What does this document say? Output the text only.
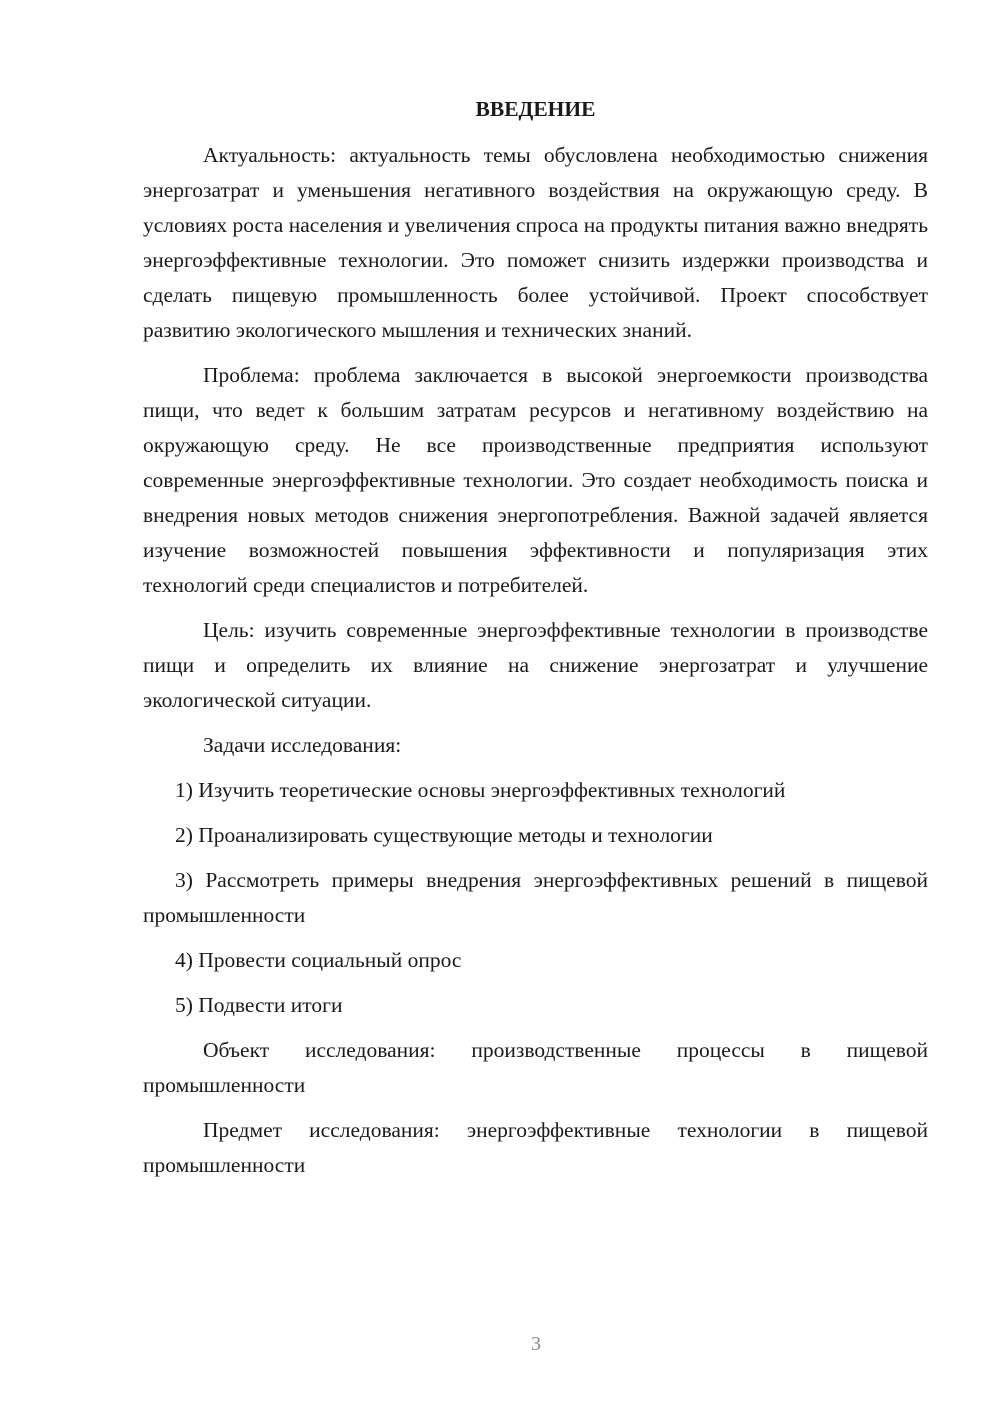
ВВЕДЕНИЕ

Актуальность: актуальность темы обусловлена необходимостью снижения энергозатрат и уменьшения негативного воздействия на окружающую среду. В условиях роста населения и увеличения спроса на продукты питания важно внедрять энергоэффективные технологии. Это поможет снизить издержки производства и сделать пищевую промышленность более устойчивой. Проект способствует развитию экологического мышления и технических знаний.

Проблема: проблема заключается в высокой энергоемкости производства пищи, что ведет к большим затратам ресурсов и негативному воздействию на окружающую среду. Не все производственные предприятия используют современные энергоэффективные технологии. Это создает необходимость поиска и внедрения новых методов снижения энергопотребления. Важной задачей является изучение возможностей повышения эффективности и популяризация этих технологий среди специалистов и потребителей.

Цель: изучить современные энергоэффективные технологии в производстве пищи и определить их влияние на снижение энергозатрат и улучшение экологической ситуации.

Задачи исследования:

1) Изучить теоретические основы энергоэффективных технологий

2) Проанализировать существующие методы и технологии

3) Рассмотреть примеры внедрения энергоэффективных решений в пищевой промышленности

4) Провести социальный опрос

5) Подвести итоги

Объект исследования: производственные процессы в пищевой промышленности

Предмет исследования: энергоэффективные технологии в пищевой промышленности

3
